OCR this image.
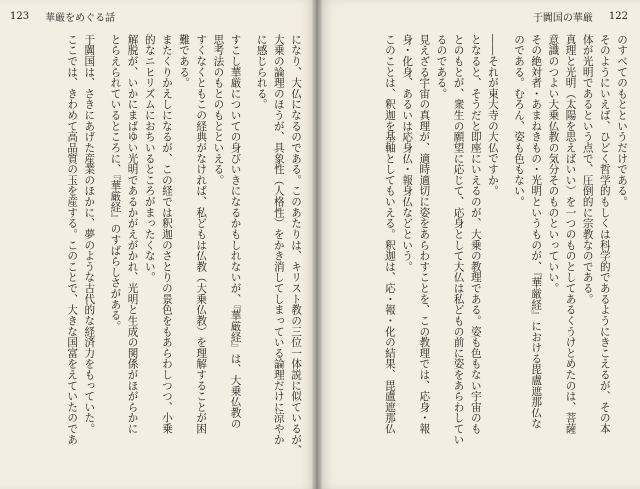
123 華厳をめぐる話
になり、大仏になるのである。このあたりは、キリスト教の三位一体説に似ているが、
大乗の論理のほうが、具象性（人格性）をかき消してしまっている論理だけに涼やか
に感じられる。
すこし華厳についての身びいきになるかもしれないが、『華厳経』は、大乗仏教の
思考法のもとのもとといえる。
すくなくともこの経典がなければ、私どもは仏教（大乗仏教）を理解することが困
難である。
またくりかえしになるが、この経では釈迦のさとりの景色をもあらわしつつ、小乗
的なニヒリズムにおちいるところがまったくない。
解脱が、いかにまばゆい光明であるかがえがかれ、光明と生成の関係がほがらかに
とらえられているところに、『華厳経』のすばらしさがある。
于闐国は、さきにあげた産業のほかに、夢のような古代的な経済力をもっていた。
ここでは、きわめて高品質の玉を産する。このことで、大きな国富をえていたのであ
于闐国の華厳 122
のすべてのもとというだけである。
そのようにいえば、ひどく哲学的もしくは科学的であるようにきこえるが、その本
体が光明であるという点で、圧倒的に宗教なのである。
真理と光明（太陽を思えばいい）を一つのものとしてあるくうけとめたのは、菩薩
意識のつよい大乗仏教の気分そのものといっていい。
その絶対者・あまねきもの・光明というものが、『華厳経』における毘盧遮那仏な
のである。むろん、姿も色もない。
――それが東大寺の大仏ですか。
となると、そうだと即座にいえるのが、大乗の教理である。姿も色もない宇宙のも
とのもとが、衆生の願望に応じて、応身として大仏は私どもの前に姿をあらわしてい
るのである。
見えざる宇宙の真理が、適時適切に姿をあらわすことを、この教理では、応身・報
身・化身、あるいは応身仏・報身仏などという。
このことは、釈迦を基軸としてもいえる。釈迦は、応・報・化の結果、毘盧遮那仏
